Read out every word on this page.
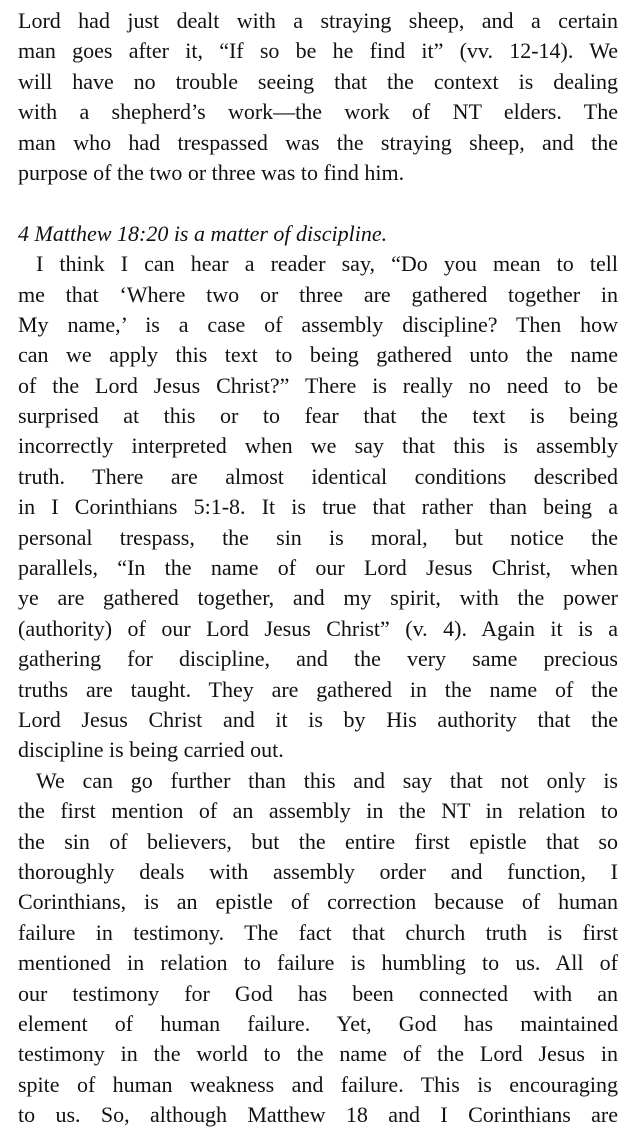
Lord had just dealt with a straying sheep, and a certain
man goes after it, “If so be he find it” (vv. 12-14). We
will have no trouble seeing that the context is dealing
with a shepherd’s work—the work of NT elders. The
man who had trespassed was the straying sheep, and the
purpose of the two or three was to find him.
4 Matthew 18:20 is a matter of discipline.
I think I can hear a reader say, “Do you mean to tell
me that ‘Where two or three are gathered together in
My name,’ is a case of assembly discipline? Then how
can we apply this text to being gathered unto the name
of the Lord Jesus Christ?” There is really no need to be
surprised at this or to fear that the text is being
incorrectly interpreted when we say that this is assembly
truth. There are almost identical conditions described
in I Corinthians 5:1-8. It is true that rather than being a
personal trespass, the sin is moral, but notice the
parallels, “In the name of our Lord Jesus Christ, when
ye are gathered together, and my spirit, with the power
(authority) of our Lord Jesus Christ” (v. 4). Again it is a
gathering for discipline, and the very same precious
truths are taught. They are gathered in the name of the
Lord Jesus Christ and it is by His authority that the
discipline is being carried out.
We can go further than this and say that not only is
the first mention of an assembly in the NT in relation to
the sin of believers, but the entire first epistle that so
thoroughly deals with assembly order and function, I
Corinthians, is an epistle of correction because of human
failure in testimony. The fact that church truth is first
mentioned in relation to failure is humbling to us. All of
our testimony for God has been connected with an
element of human failure. Yet, God has maintained
testimony in the world to the name of the Lord Jesus in
spite of human weakness and failure. This is encouraging
to us. So, although Matthew 18 and I Corinthians are
